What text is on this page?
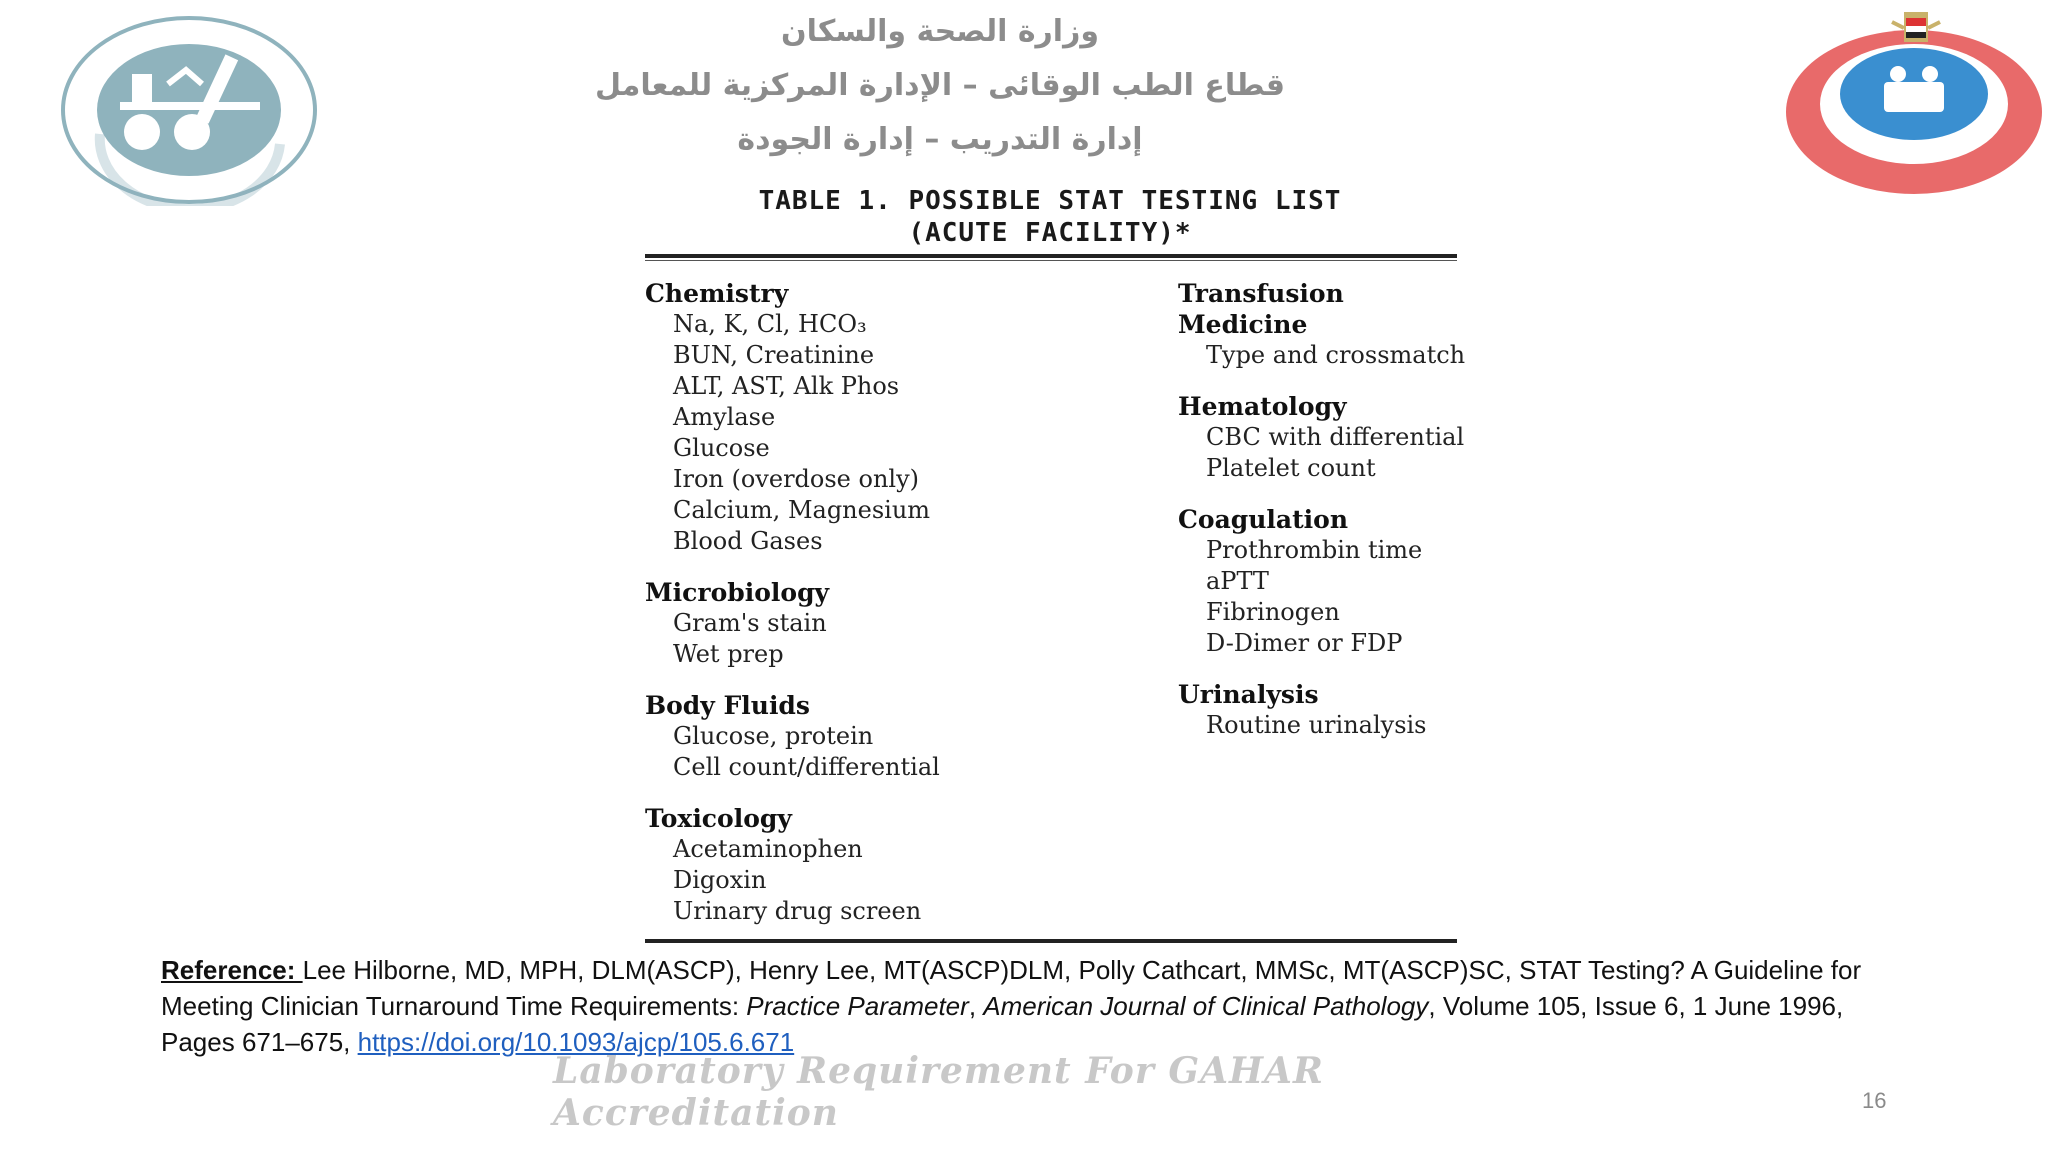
وزارة الصحة والسكان
قطاع الطب الوقائى – الإدارة المركزية للمعامل
إدارة التدريب – إدارة الجودة
TABLE 1. POSSIBLE STAT TESTING LIST
(ACUTE FACILITY)*
Chemistry
Na, K, Cl, HCO₃
BUN, Creatinine
ALT, AST, Alk Phos
Amylase
Glucose
Iron (overdose only)
Calcium, Magnesium
Blood Gases
Microbiology
Gram's stain
Wet prep
Body Fluids
Glucose, protein
Cell count/differential
Toxicology
Acetaminophen
Digoxin
Urinary drug screen
Transfusion Medicine
Type and crossmatch
Hematology
CBC with differential
Platelet count
Coagulation
Prothrombin time
aPTT
Fibrinogen
D-Dimer or FDP
Urinalysis
Routine urinalysis
Reference: Lee Hilborne, MD, MPH, DLM(ASCP), Henry Lee, MT(ASCP)DLM, Polly Cathcart, MMSc, MT(ASCP)SC, STAT Testing? A Guideline for Meeting Clinician Turnaround Time Requirements: Practice Parameter, American Journal of Clinical Pathology, Volume 105, Issue 6, 1 June 1996, Pages 671–675, https://doi.org/10.1093/ajcp/105.6.671
Laboratory Requirement For GAHAR Accreditation	16
